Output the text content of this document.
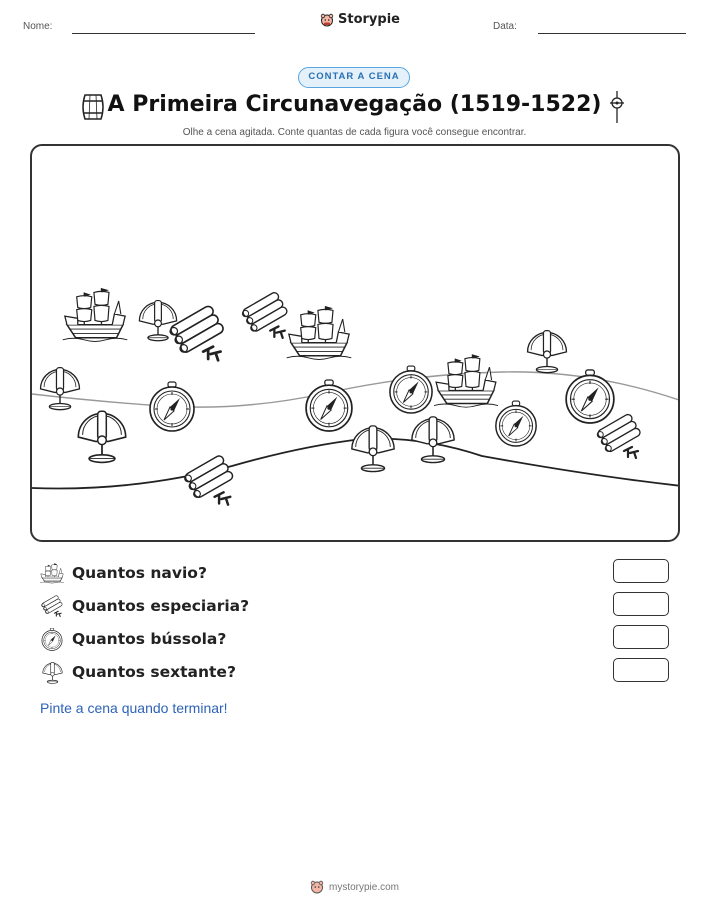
Nome:	Storypie	Data:
CONTAR A CENA
A Primeira Circunavegação (1519-1522)
Olhe a cena agitada. Conte quantas de cada figura você consegue encontrar.
Quantos navio?
Quantos especiaria?
Quantos bússola?
Quantos sextante?
Pinte a cena quando terminar!
mystorypie.com
